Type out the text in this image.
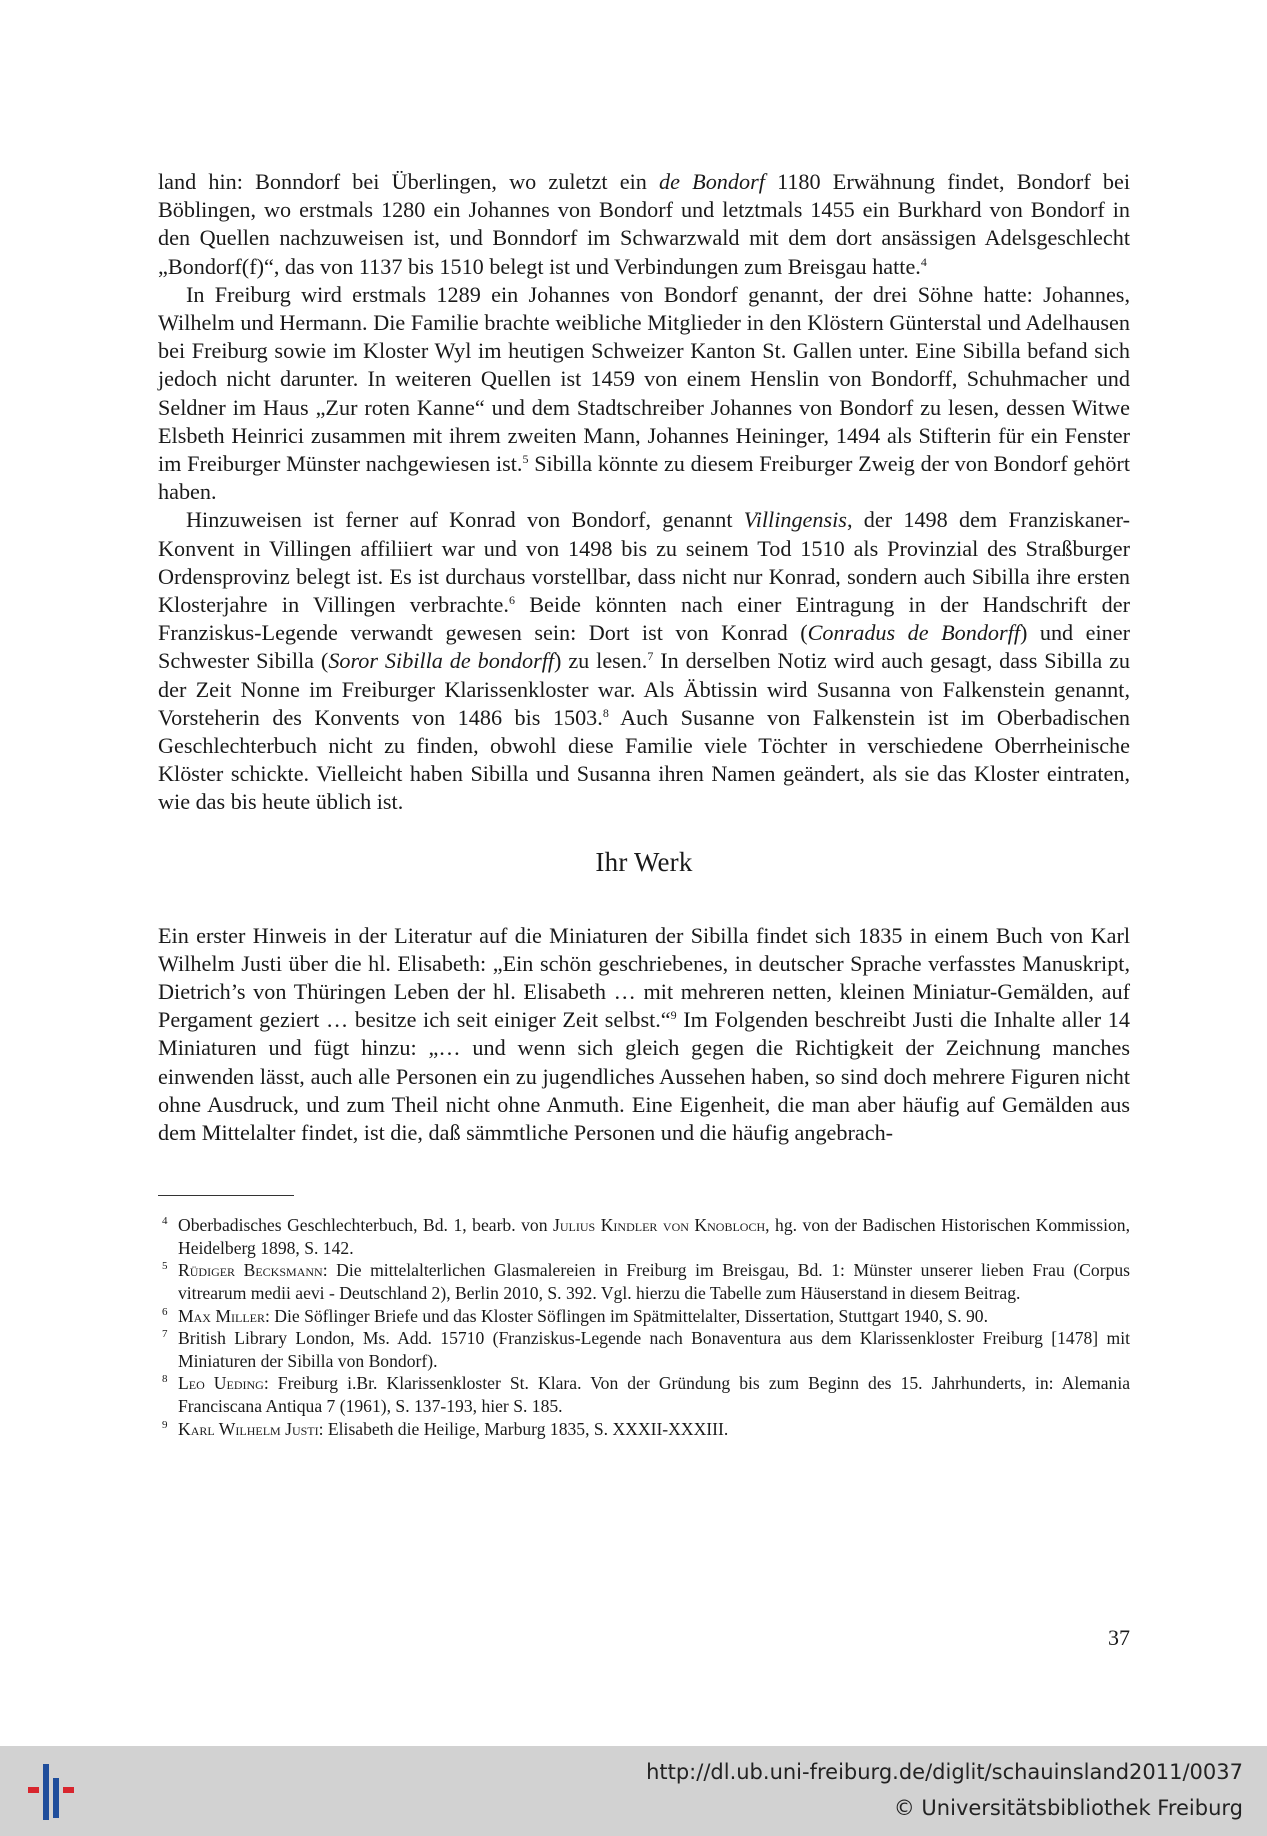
land hin: Bonndorf bei Überlingen, wo zuletzt ein de Bondorf 1180 Erwähnung findet, Bondorf bei Böblingen, wo erstmals 1280 ein Johannes von Bondorf und letztmals 1455 ein Burkhard von Bondorf in den Quellen nachzuweisen ist, und Bonndorf im Schwarzwald mit dem dort ansässigen Adelsgeschlecht „Bondorf(f)“, das von 1137 bis 1510 belegt ist und Verbindungen zum Breisgau hatte.$^4$

In Freiburg wird erstmals 1289 ein Johannes von Bondorf genannt, der drei Söhne hatte: Johannes, Wilhelm und Hermann. Die Familie brachte weibliche Mitglieder in den Klöstern Günterstal und Adelhausen bei Freiburg sowie im Kloster Wyl im heutigen Schweizer Kanton St. Gallen unter. Eine Sibilla befand sich jedoch nicht darunter. In weiteren Quellen ist 1459 von einem Henslin von Bondorff, Schuhmacher und Seldner im Haus „Zur roten Kanne“ und dem Stadtschreiber Johannes von Bondorf zu lesen, dessen Witwe Elsbeth Heinrici zusammen mit ihrem zweiten Mann, Johannes Heininger, 1494 als Stifterin für ein Fenster im Freiburger Münster nachgewiesen ist.$^5$ Sibilla könnte zu diesem Freiburger Zweig der von Bondorf gehört haben.

Hinzuweisen ist ferner auf Konrad von Bondorf, genannt Villingensis, der 1498 dem Franziskaner-Konvent in Villingen affiliiert war und von 1498 bis zu seinem Tod 1510 als Provinzial des Straßburger Ordensprovinz belegt ist. Es ist durchaus vorstellbar, dass nicht nur Konrad, sondern auch Sibilla ihre ersten Klosterjahre in Villingen verbrachte.$^6$ Beide könnten nach einer Eintragung in der Handschrift der Franziskus-Legende verwandt gewesen sein: Dort ist von Konrad (Conradus de Bondorff) und einer Schwester Sibilla (Soror Sibilla de bondorff) zu lesen.$^7$ In derselben Notiz wird auch gesagt, dass Sibilla zu der Zeit Nonne im Freiburger Klarissenkloster war. Als Äbtissin wird Susanna von Falkenstein genannt, Vorsteherin des Konvents von 1486 bis 1503.$^8$ Auch Susanne von Falkenstein ist im Oberbadischen Geschlechterbuch nicht zu finden, obwohl diese Familie viele Töchter in verschiedene Oberrheinische Klöster schickte. Vielleicht haben Sibilla und Susanna ihren Namen geändert, als sie das Kloster eintraten, wie das bis heute üblich ist.

Ihr Werk

Ein erster Hinweis in der Literatur auf die Miniaturen der Sibilla findet sich 1835 in einem Buch von Karl Wilhelm Justi über die hl. Elisabeth: „Ein schön geschriebenes, in deutscher Sprache verfasstes Manuskript, Dietrich’s von Thüringen Leben der hl. Elisabeth … mit mehreren netten, kleinen Miniatur-Gemälden, auf Pergament geziert … besitze ich seit einiger Zeit selbst.“$^9$ Im Folgenden beschreibt Justi die Inhalte aller 14 Miniaturen und fügt hinzu: „… und wenn sich gleich gegen die Richtigkeit der Zeichnung manches einwenden lässt, auch alle Personen ein zu jugendliches Aussehen haben, so sind doch mehrere Figuren nicht ohne Ausdruck, und zum Theil nicht ohne Anmuth. Eine Eigenheit, die man aber häufig auf Gemälden aus dem Mittelalter findet, ist die, daß sämmtliche Personen und die häufig angebrach-

4 Oberbadisches Geschlechterbuch, Bd. 1, bearb. von Julius Kindler von Knobloch, hg. von der Badischen Historischen Kommission, Heidelberg 1898, S. 142.
5 Rüdiger Becksmann: Die mittelalterlichen Glasmalereien in Freiburg im Breisgau, Bd. 1: Münster unserer lieben Frau (Corpus vitrearum medii aevi - Deutschland 2), Berlin 2010, S. 392. Vgl. hierzu die Tabelle zum Häuserstand in diesem Beitrag.
6 Max Miller: Die Söflinger Briefe und das Kloster Söflingen im Spätmittelalter, Dissertation, Stuttgart 1940, S. 90.
7 British Library London, Ms. Add. 15710 (Franziskus-Legende nach Bonaventura aus dem Klarissenkloster Freiburg [1478] mit Miniaturen der Sibilla von Bondorf).
8 Leo Ueding: Freiburg i.Br. Klarissenkloster St. Klara. Von der Gründung bis zum Beginn des 15. Jahrhunderts, in: Alemania Franciscana Antiqua 7 (1961), S. 137-193, hier S. 185.
9 Karl Wilhelm Justi: Elisabeth die Heilige, Marburg 1835, S. XXXII-XXXIII.
37
http://dl.ub.uni-freiburg.de/diglit/schauinsland2011/0037
© Universitätsbibliothek Freiburg
